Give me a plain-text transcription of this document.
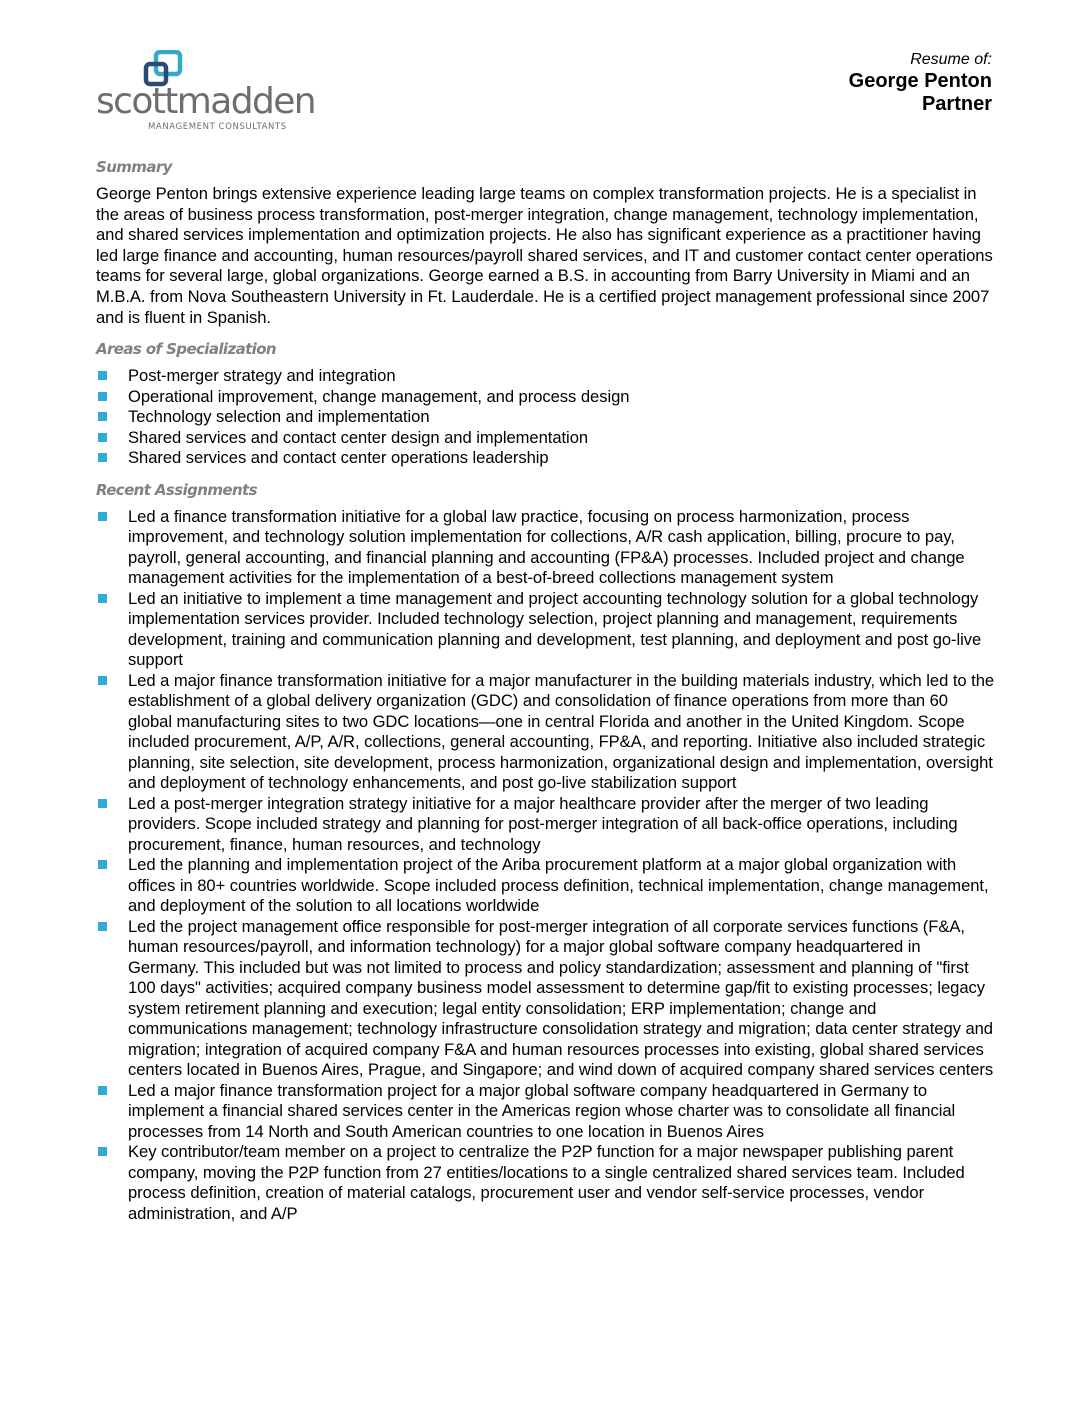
scottmadden
MANAGEMENT CONSULTANTS
Resume of:
George Penton
Partner
Summary

George Penton brings extensive experience leading large teams on complex transformation projects. He is a specialist in the areas of business process transformation, post-merger integration, change management, technology implementation, and shared services implementation and optimization projects. He also has significant experience as a practitioner having led large finance and accounting, human resources/payroll shared services, and IT and customer contact center operations teams for several large, global organizations. George earned a B.S. in accounting from Barry University in Miami and an M.B.A. from Nova Southeastern University in Ft. Lauderdale. He is a certified project management professional since 2007 and is fluent in Spanish.

Areas of Specialization
Post-merger strategy and integration
Operational improvement, change management, and process design
Technology selection and implementation
Shared services and contact center design and implementation
Shared services and contact center operations leadership
Recent Assignments
Led a finance transformation initiative for a global law practice, focusing on process harmonization, process improvement, and technology solution implementation for collections, A/R cash application, billing, procure to pay, payroll, general accounting, and financial planning and accounting (FP&A) processes. Included project and change management activities for the implementation of a best-of-breed collections management system
Led an initiative to implement a time management and project accounting technology solution for a global technology implementation services provider. Included technology selection, project planning and management, requirements development, training and communication planning and development, test planning, and deployment and post go-live support
Led a major finance transformation initiative for a major manufacturer in the building materials industry, which led to the establishment of a global delivery organization (GDC) and consolidation of finance operations from more than 60 global manufacturing sites to two GDC locations—one in central Florida and another in the United Kingdom. Scope included procurement, A/P, A/R, collections, general accounting, FP&A, and reporting. Initiative also included strategic planning, site selection, site development, process harmonization, organizational design and implementation, oversight and deployment of technology enhancements, and post go-live stabilization support
Led a post-merger integration strategy initiative for a major healthcare provider after the merger of two leading providers. Scope included strategy and planning for post-merger integration of all back-office operations, including procurement, finance, human resources, and technology
Led the planning and implementation project of the Ariba procurement platform at a major global organization with offices in 80+ countries worldwide. Scope included process definition, technical implementation, change management, and deployment of the solution to all locations worldwide
Led the project management office responsible for post-merger integration of all corporate services functions (F&A, human resources/payroll, and information technology) for a major global software company headquartered in Germany. This included but was not limited to process and policy standardization; assessment and planning of "first 100 days" activities; acquired company business model assessment to determine gap/fit to existing processes; legacy system retirement planning and execution; legal entity consolidation; ERP implementation; change and communications management; technology infrastructure consolidation strategy and migration; data center strategy and migration; integration of acquired company F&A and human resources processes into existing, global shared services centers located in Buenos Aires, Prague, and Singapore; and wind down of acquired company shared services centers
Led a major finance transformation project for a major global software company headquartered in Germany to implement a financial shared services center in the Americas region whose charter was to consolidate all financial processes from 14 North and South American countries to one location in Buenos Aires
Key contributor/team member on a project to centralize the P2P function for a major newspaper publishing parent company, moving the P2P function from 27 entities/locations to a single centralized shared services team. Included process definition, creation of material catalogs, procurement user and vendor self-service processes, vendor administration, and A/P
